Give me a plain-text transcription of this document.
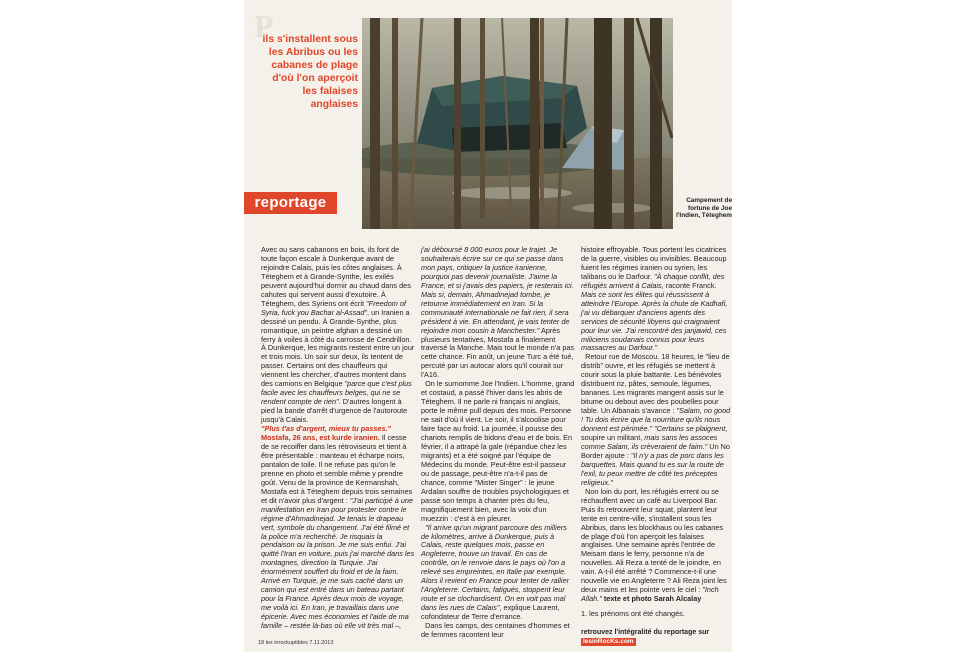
P
ils s'installent sous les Abribus ou les cabanes de plage d'où l'on aperçoit les falaises anglaises
Campement de fortune de Joe l'Indien, Téteghem
reportage

Avec ou sans cabanons en bois, ils font de toute façon escale à Dunkerque avant de rejoindre Calais, puis les côtes anglaises. À Téteghem et à Grande-Synthe, les exilés peuvent aujourd'hui dormir au chaud dans des cahutes qui servent aussi d'exutoire. À Téteghem, des Syriens ont écrit "Freedom of Syria, fuck you Bachar al-Assad", un Iranien a dessiné un pendu. À Grande-Synthe, plus romantique, un peintre afghan a dessiné un ferry à voiles à côté du carrosse de Cendrillon. À Dunkerque, les migrants restent entre un jour et trois mois. Un soir sur deux, ils tentent de passer. Certains ont des chauffeurs qui viennent les chercher, d'autres montent dans des camions en Belgique "parce que c'est plus facile avec les chauffeurs belges, qui ne se rendent compte de rien". D'autres longent à pied la bande d'arrêt d'urgence de l'autoroute jusqu'à Calais.

"Plus t'as d'argent, mieux tu passes."
Mostafa, 26 ans, est kurde iranien. Il cesse de se recoiffer dans les rétroviseurs et tient à être présentable : manteau et écharpe noirs, pantalon de toile. Il ne refuse pas qu'on le prenne en photo et semble même y prendre goût. Venu de la province de Kermanshah, Mostafa est à Téteghem depuis trois semaines et dit n'avoir plus d'argent : "J'ai participé à une manifestation en Iran pour protester contre le régime d'Ahmadinejad. Je tenais le drapeau vert, symbole du changement. J'ai été filmé et la police m'a recherché. Je risquais la pendaison ou la prison. Je me suis enfui. J'ai quitté l'Iran en voiture, puis j'ai marché dans les montagnes, direction la Turquie. J'ai énormément souffert du froid et de la faim. Arrivé en Turquie, je me suis caché dans un camion qui est entré dans un bateau partant pour la France. Après deux mois de voyage, me voilà ici. En Iran, je travaillais dans une épicerie. Avec mes économies et l'aide de ma famille – restée là-bas où elle vit très mal –,

j'ai déboursé 8 000 euros pour le trajet. Je souhaiterais écrire sur ce qui se passe dans mon pays, critiquer la justice iranienne, pourquoi pas devenir journaliste. J'aime la France, et si j'avais des papiers, je resterais ici. Mais si, demain, Ahmadinejad tombe, je retourne immédiatement en Iran. Si la communauté internationale ne fait rien, il sera président à vie. En attendant, je vais tenter de rejoindre mon cousin à Manchester." Après plusieurs tentatives, Mostafa a finalement traversé la Manche. Mais tout le monde n'a pas cette chance. Fin août, un jeune Turc a été tué, percuté par un autocar alors qu'il courait sur l'A16.

On le surnomme Joe l'Indien. L'homme, grand et costaud, a passé l'hiver dans les abris de Téteghem. Il ne parle ni français ni anglais, porte le même pull depuis des mois. Personne ne sait d'où il vient. Le soir, il s'alcoolise pour faire face au froid. La journée, il pousse des chariots remplis de bidons d'eau et de bois. En février, il a attrapé la gale (répandue chez les migrants) et a été soigné par l'équipe de Médecins du monde. Peut-être est-il passeur ou de passage, peut-être n'a-t-il pas de chance, comme "Mister Singer" : le jeune Ardalan souffre de troubles psychologiques et passe son temps à chanter près du feu, magnifiquement bien, avec la voix d'un muezzin : c'est à en pleurer.

"Il arrive qu'un migrant parcoure des milliers de kilomètres, arrive à Dunkerque, puis à Calais, reste quelques mois, passe en Angleterre, trouve un travail. En cas de contrôle, on le renvoie dans le pays où l'on a relevé ses empreintes, en Italie par exemple. Alors il revient en France pour tenter de rallier l'Angleterre. Certains, fatigués, stoppent leur route et se clochardisent. On en voit pas mal dans les rues de Calais", explique Laurent, cofondateur de Terre d'errance.

Dans les camps, des centaines d'hommes et de femmes racontent leur

histoire effroyable. Tous portent les cicatrices de la guerre, visibles ou invisibles. Beaucoup fuient les régimes iranien ou syrien, les talibans ou le Darfour. "À chaque conflit, des réfugiés arrivent à Calais, raconte Franck. Mais ce sont les élites qui réussissent à atteindre l'Europe. Après la chute de Kadhafi, j'ai vu débarquer d'anciens agents des services de sécurité libyens qui craignaient pour leur vie. J'ai rencontré des janjawid, ces miliciens soudanais connus pour leurs massacres au Darfour."

Retour rue de Moscou. 18 heures, le "lieu de distrib" ouvre, et les réfugiés se mettent à courir sous la pluie battante. Les bénévoles distribuent riz, pâtes, semoule, légumes, bananes. Les migrants mangent assis sur le bitume ou debout avec des poubelles pour table. Un Albanais s'avance : "Salam, no good ! Tu dois écrire que la nourriture qu'ils nous donnent est périmée." "Certains se plaignent, soupire un militant, mais sans les assoces comme Salam, ils crèveraient de faim." Un No Border ajoute : "Il n'y a pas de porc dans les barquettes. Mais quand tu es sur la route de l'exil, tu peux mettre de côté tes préceptes religieux."

Non loin du port, les réfugiés errent ou se réchauffent avec un café au Liverpool Bar. Puis ils retrouvent leur squat, plantent leur tente en centre-ville, s'installent sous les Abribus, dans les blockhaus ou les cabanes de plage d'où l'on aperçoit les falaises anglaises. Une semaine après l'entrée de Meisam dans le ferry, personne n'a de nouvelles. Ali Reza a tenté de le joindre, en vain. A-t-il été arrêté ? Commence-t-il une nouvelle vie en Angleterre ? Ali Reza joint les deux mains et les pointe vers le ciel : "Inch Allah." texte et photo Sarah Alcalay

1. les prénoms ont été changés.

retrouvez l'intégralité du reportage sur
lesinRocKs.com

18 les inrockuptibles 7.11.2013
